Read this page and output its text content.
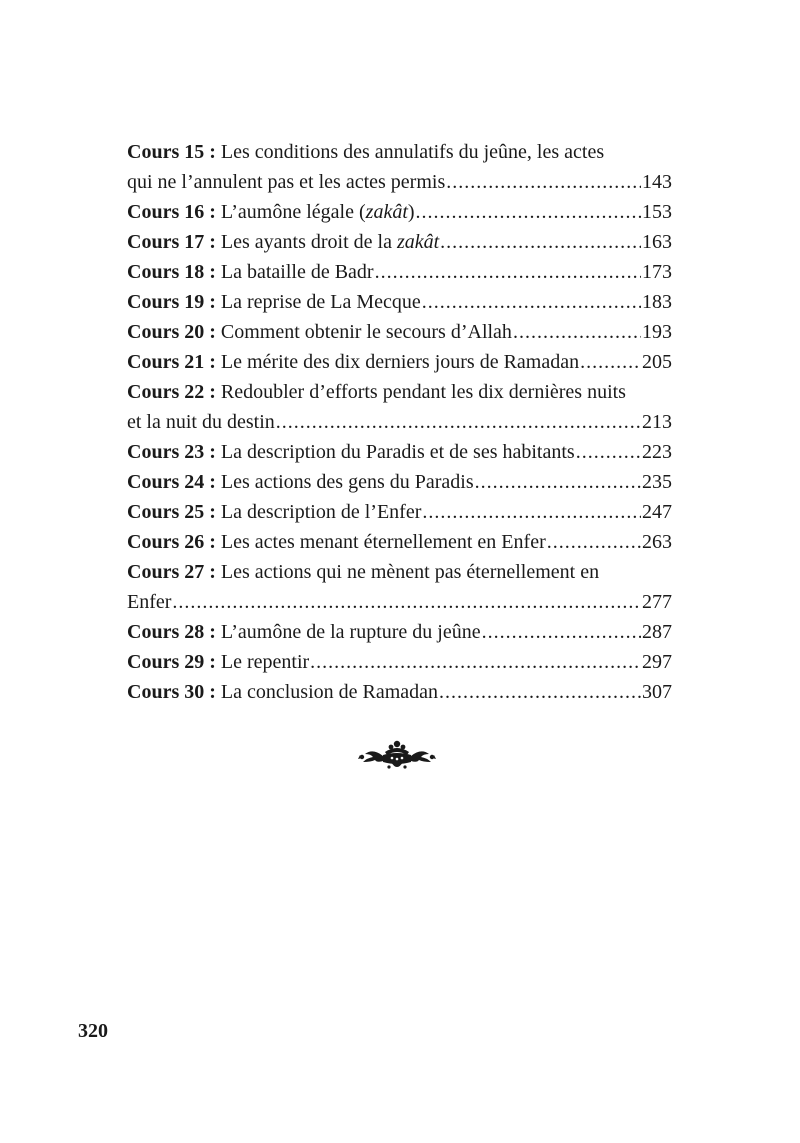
Cours 15 :
Les conditions des annulatifs du jeûne, les actes
qui ne l’annulent pas et les actes permis .....	143
Cours 16 :
L’aumône légale (zakât) .....	153
Cours 17 :
Les ayants droit de la zakât .....	163
Cours 18 :
La bataille de Badr .....	173
Cours 19 :
La reprise de La Mecque .....	183
Cours 20 :
Comment obtenir le secours d’Allah .....	193
Cours 21 :
Le mérite des dix derniers jours de Ramadan .....	205
Cours 22 :
Redoubler d’efforts pendant les dix dernières nuits
et la nuit du destin .....	213
Cours 23 :
La description du Paradis et de ses habitants .....	223
Cours 24 :
Les actions des gens du Paradis .....	235
Cours 25 :
La description de l’Enfer .....	247
Cours 26 :
Les actes menant éternellement en Enfer .....	263
Cours 27 :
Les actions qui ne mènent pas éternellement en
Enfer .....	277
Cours 28 :
L’aumône de la rupture du jeûne .....	287
Cours 29 :
Le repentir .....	297
Cours 30 :
La conclusion de Ramadan .....	307
320
